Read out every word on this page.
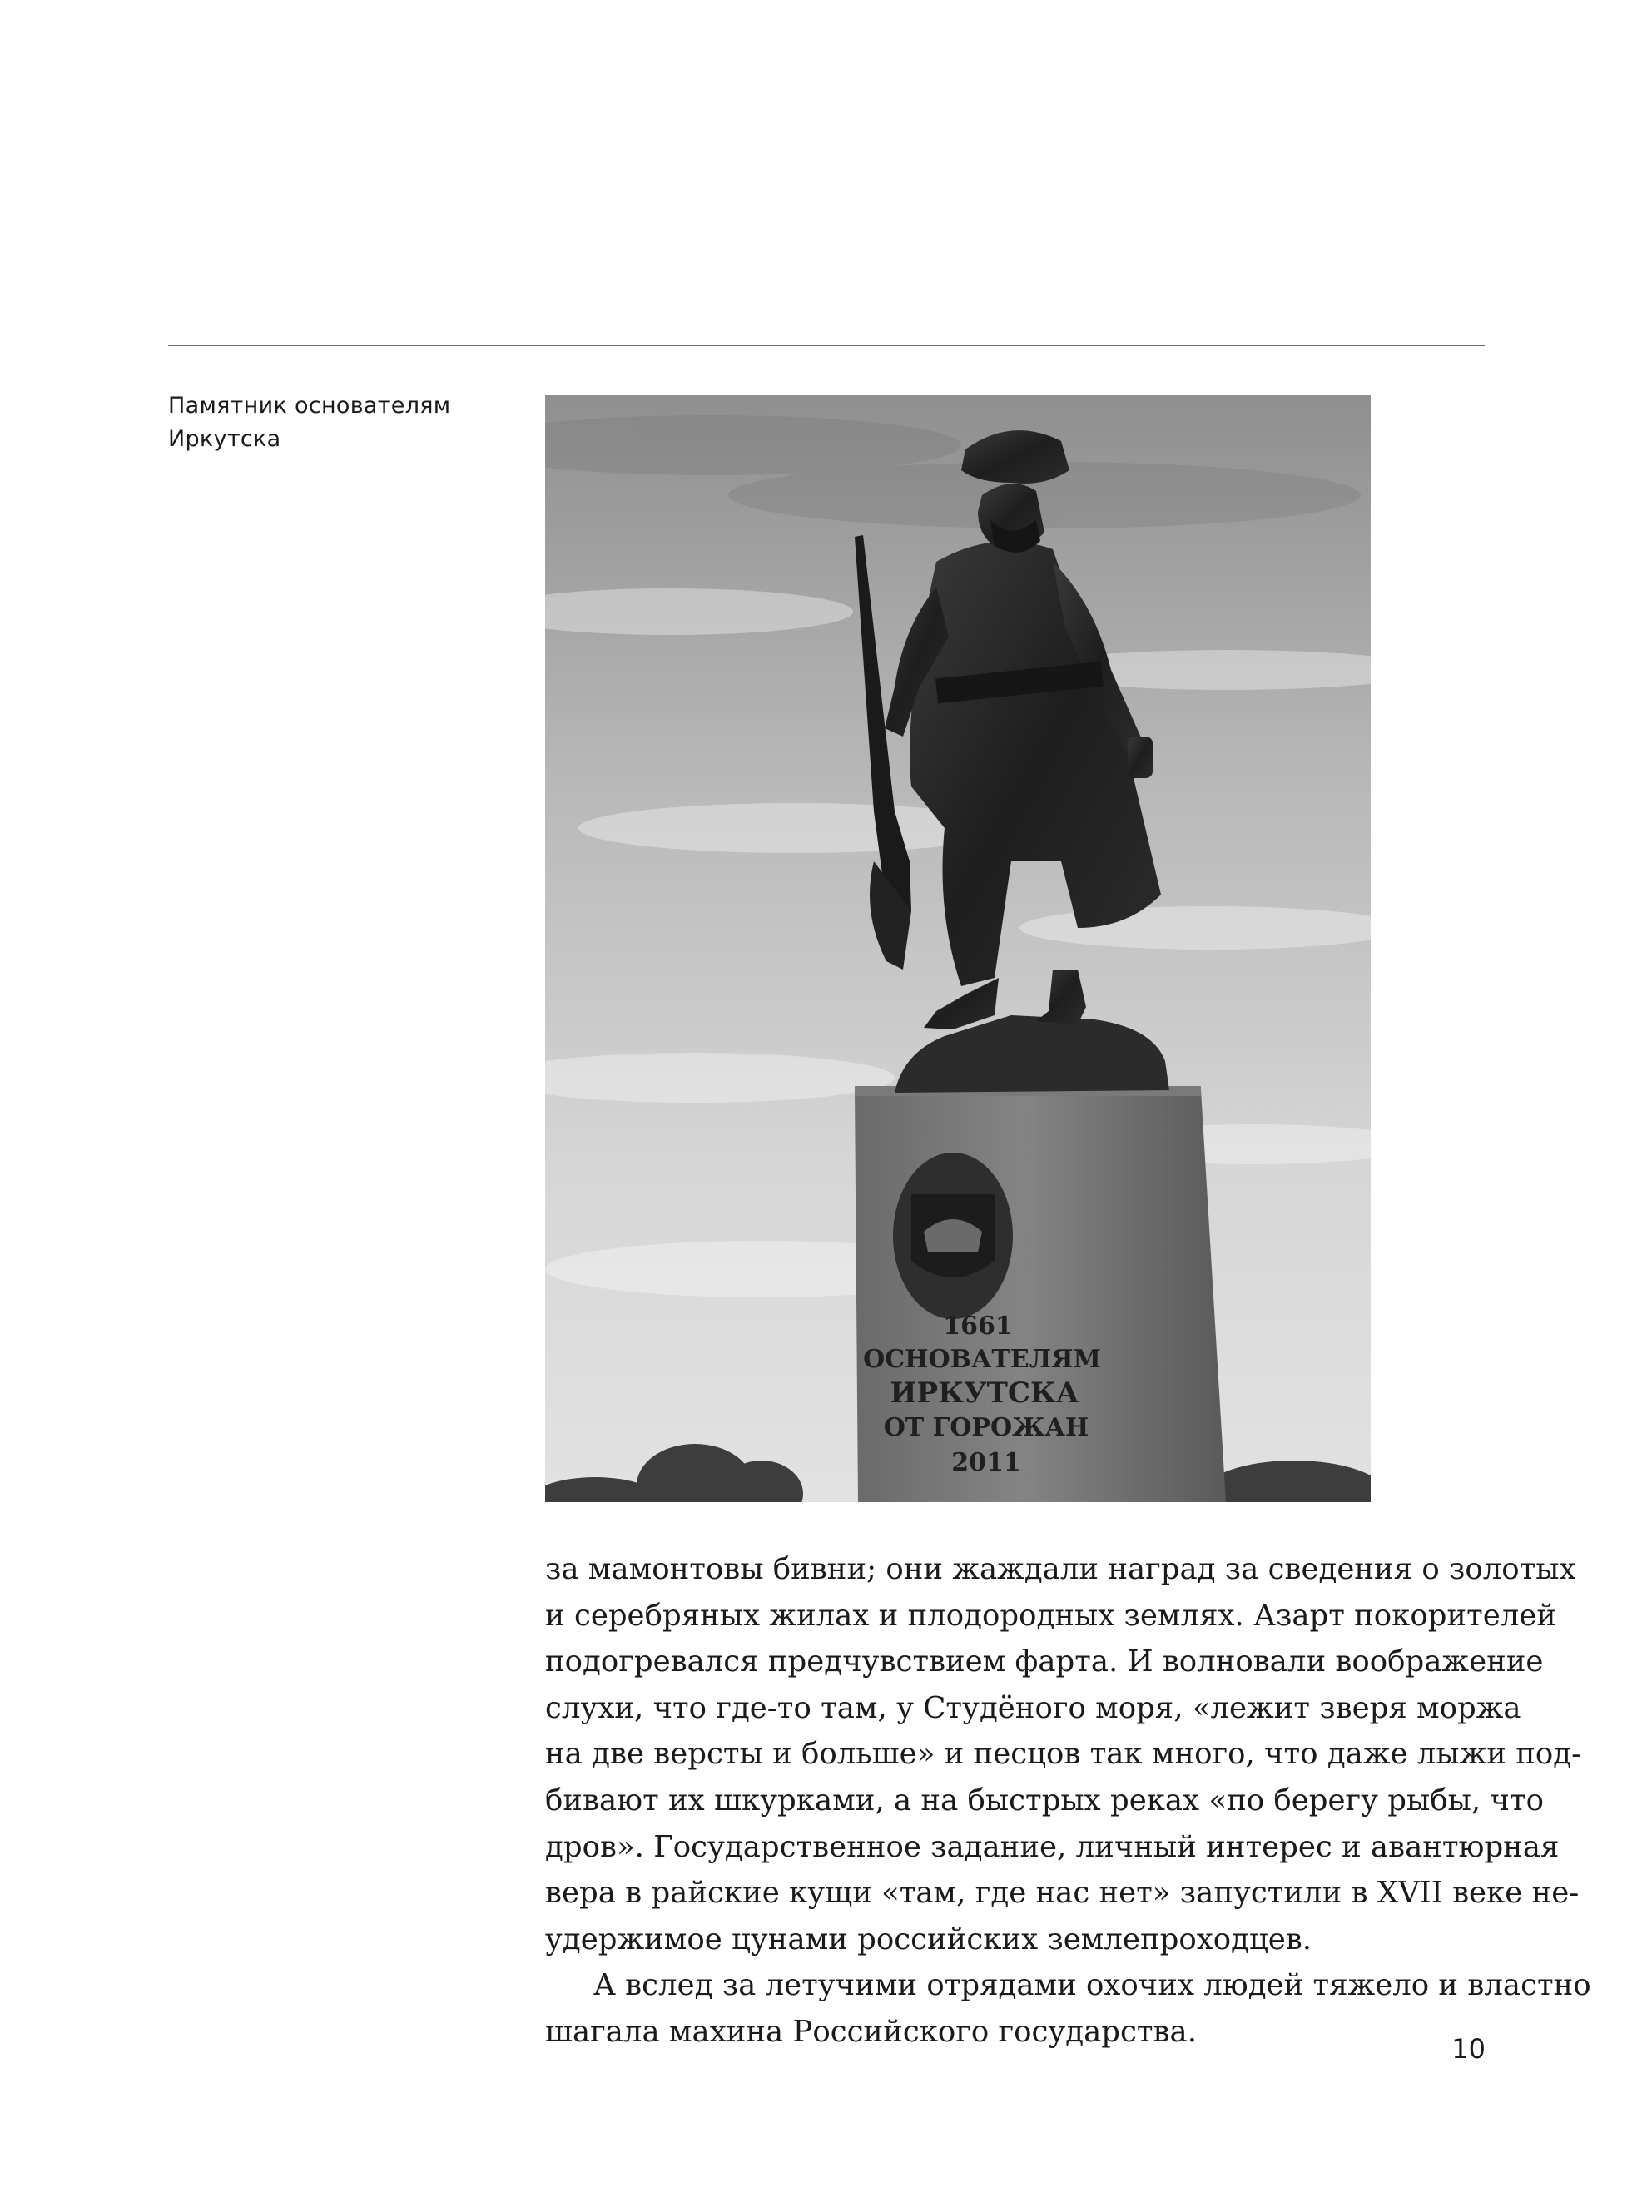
Памятник основателям
Иркутска
1661
ОСНОВАТЕЛЯМ
ИРКУТСКА
ОТ ГОРОЖАН
2011
за мамонтовы бивни; они жаждали наград за сведения о золотых
и серебряных жилах и плодородных землях. Азарт покорителей
подогревался предчувствием фарта. И волновали воображение
слухи, что где-то там, у Студёного моря, «лежит зверя моржа
на две версты и больше» и песцов так много, что даже лыжи под-
бивают их шкурками, а на быстрых реках «по берегу рыбы, что
дров». Государственное задание, личный интерес и авантюрная
вера в райские кущи «там, где нас нет» запустили в XVII веке не-
удержимое цунами российских землепроходцев.
А вслед за летучими отрядами охочих людей тяжело и властно
шагала махина Российского государства.
10
